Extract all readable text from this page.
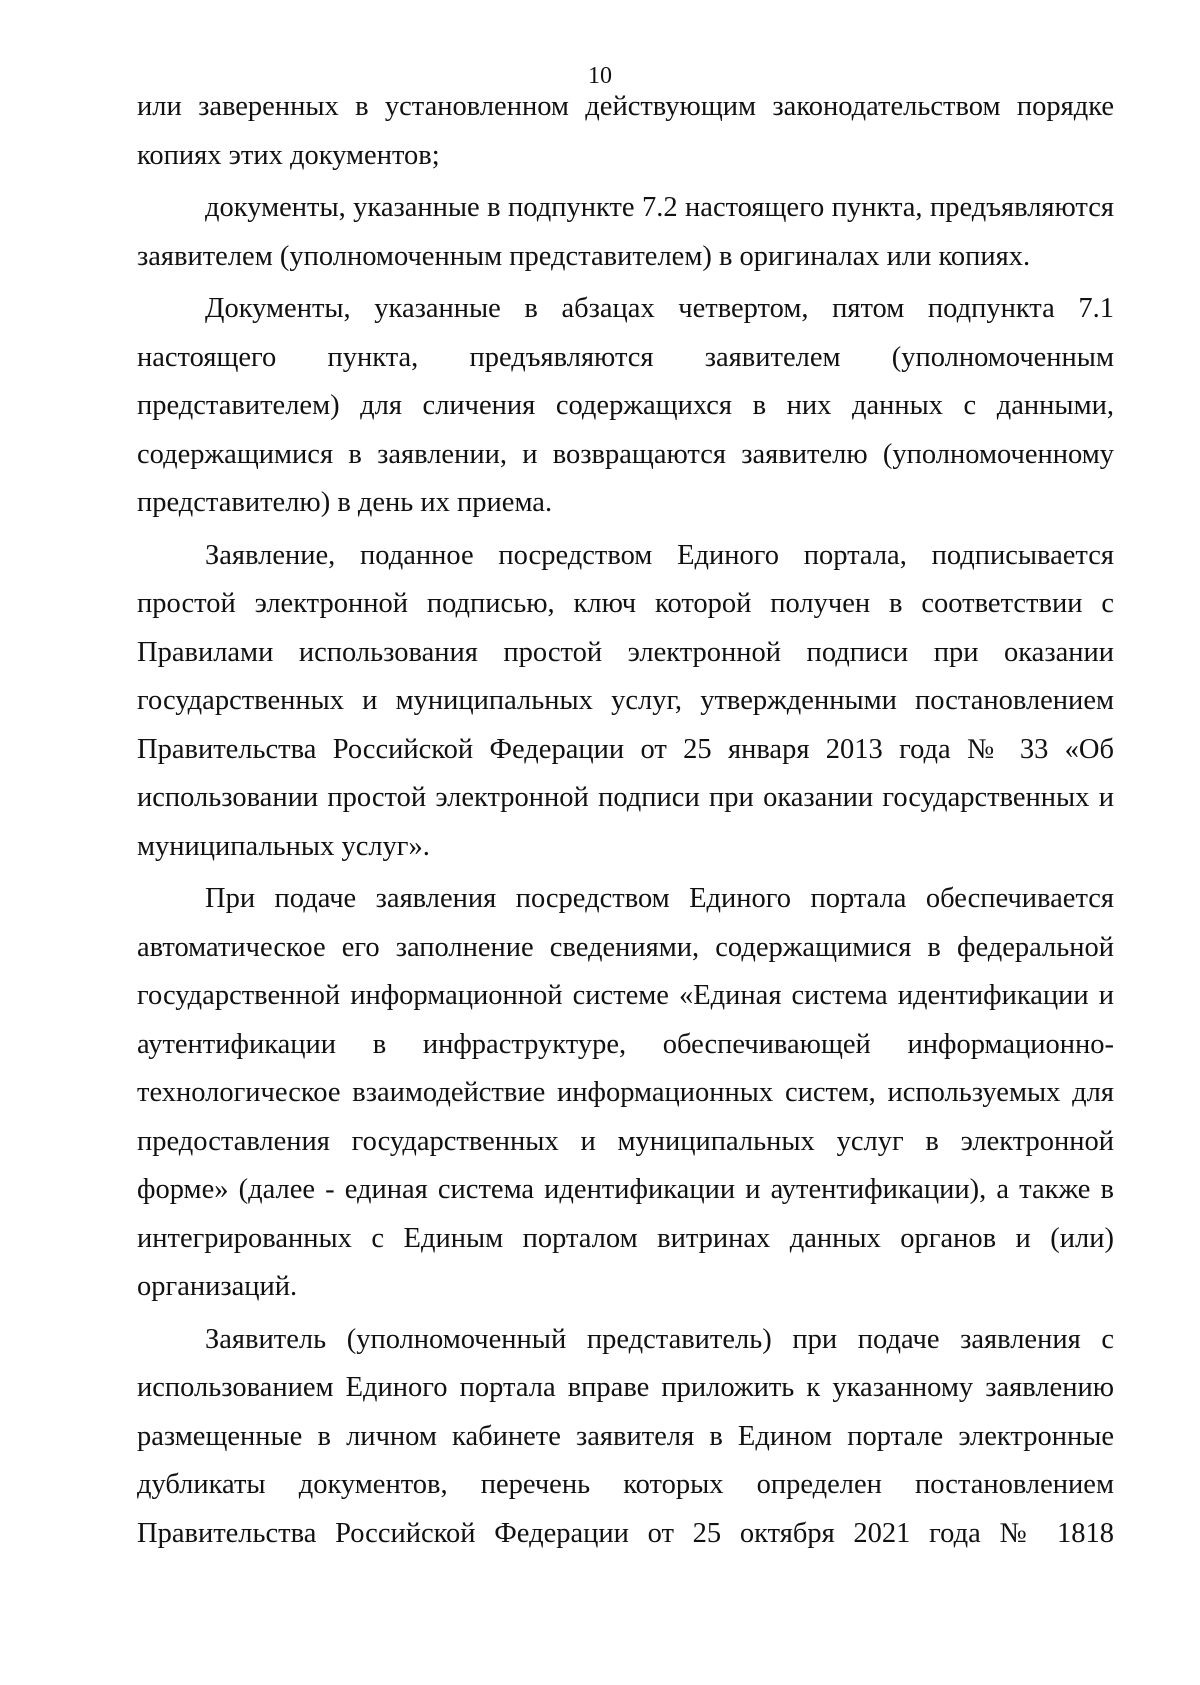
10

или заверенных в установленном действующим законодательством порядке копиях этих документов;

документы, указанные в подпункте 7.2 настоящего пункта, предъявляются заявителем (уполномоченным представителем) в оригиналах или копиях.

Документы, указанные в абзацах четвертом, пятом подпункта 7.1 настоящего пункта, предъявляются заявителем (уполномоченным представителем) для сличения содержащихся в них данных с данными, содержащимися в заявлении, и возвращаются заявителю (уполномоченному представителю) в день их приема.

Заявление, поданное посредством Единого портала, подписывается простой электронной подписью, ключ которой получен в соответствии с Правилами использования простой электронной подписи при оказании государственных и муниципальных услуг, утвержденными постановлением Правительства Российской Федерации от 25 января 2013 года № 33 «Об использовании простой электронной подписи при оказании государственных и муниципальных услуг».

При подаче заявления посредством Единого портала обеспечивается автоматическое его заполнение сведениями, содержащимися в федеральной государственной информационной системе «Единая система идентификации и аутентификации в инфраструктуре, обеспечивающей информационно-технологическое взаимодействие информационных систем, используемых для предоставления государственных и муниципальных услуг в электронной форме» (далее - единая система идентификации и аутентификации), а также в интегрированных с Единым порталом витринах данных органов и (или) организаций.

Заявитель (уполномоченный представитель) при подаче заявления с использованием Единого портала вправе приложить к указанному заявлению размещенные в личном кабинете заявителя в Едином портале электронные дубликаты документов, перечень которых определен постановлением Правительства Российской Федерации от 25 октября 2021 года № 1818
